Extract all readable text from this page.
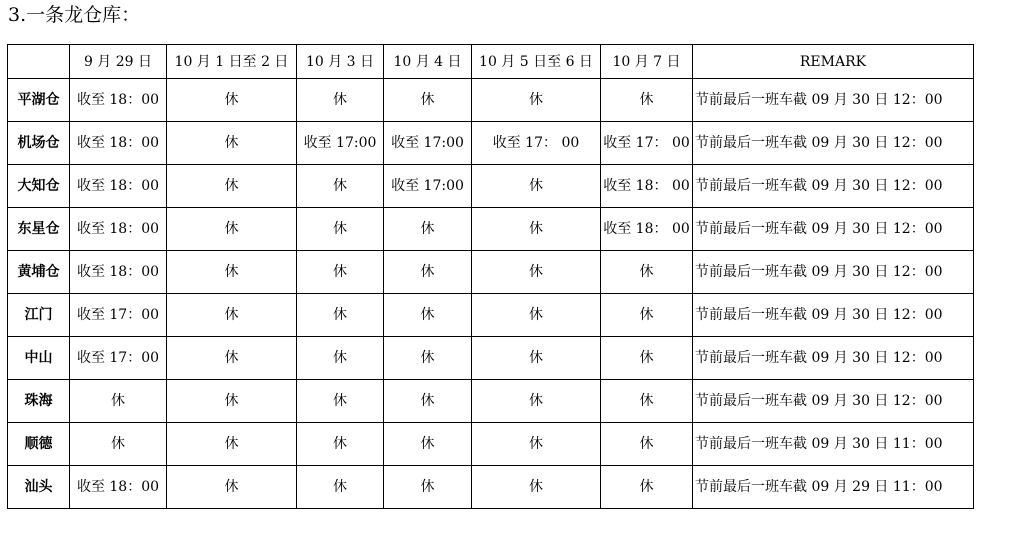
3.一条龙仓库：
	9 月 29 日	10 月 1 日至 2 日	10 月 3 日	10 月 4 日	10 月 5 日至 6 日	10 月 7 日	REMARK
平湖仓	收至 18：00	休	休	休	休	休	节前最后一班车截 09 月 30 日 12：00
机场仓	收至 18：00	休	收至 17:00	收至 17:00	收至 17： 00	收至 17： 00	节前最后一班车截 09 月 30 日 12：00
大知仓	收至 18：00	休	休	收至 17:00	休	收至 18： 00	节前最后一班车截 09 月 30 日 12：00
东星仓	收至 18：00	休	休	休	休	收至 18： 00	节前最后一班车截 09 月 30 日 12：00
黄埔仓	收至 18：00	休	休	休	休	休	节前最后一班车截 09 月 30 日 12：00
江门	收至 17：00	休	休	休	休	休	节前最后一班车截 09 月 30 日 12：00
中山	收至 17：00	休	休	休	休	休	节前最后一班车截 09 月 30 日 12：00
珠海	休	休	休	休	休	休	节前最后一班车截 09 月 30 日 12：00
顺德	休	休	休	休	休	休	节前最后一班车截 09 月 30 日 11：00
汕头	收至 18：00	休	休	休	休	休	节前最后一班车截 09 月 29 日 11：00
